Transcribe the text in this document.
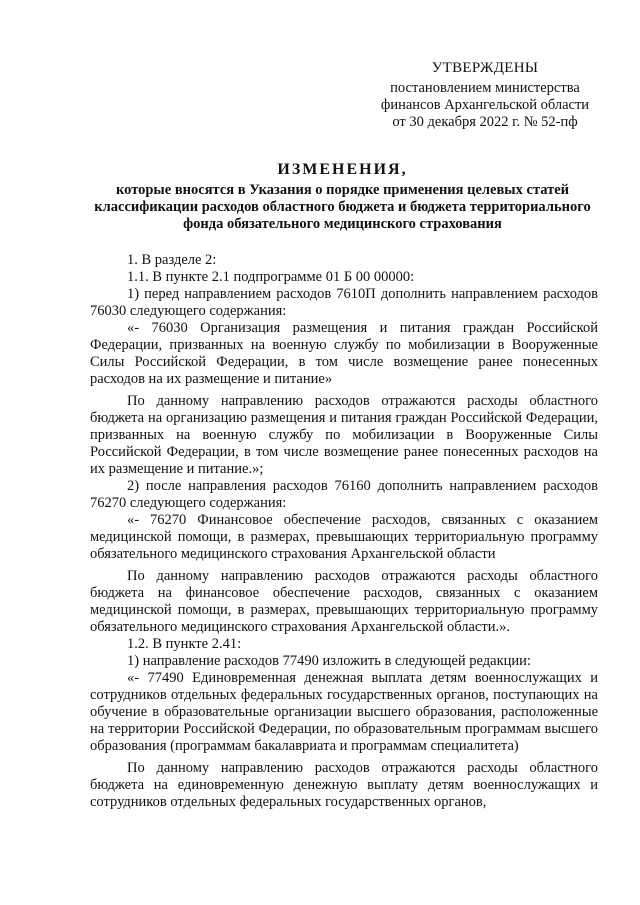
УТВЕРЖДЕНЫ
постановлением министерства
финансов Архангельской области
от 30 декабря 2022 г. № 52-пф
ИЗМЕНЕНИЯ,
которые вносятся в Указания о порядке применения целевых статей классификации расходов областного бюджета и бюджета территориального фонда обязательного медицинского страхования

1. В разделе 2:

1.1. В пункте 2.1 подпрограмме 01 Б 00 00000:

1) перед направлением расходов 7610П дополнить направлением расходов 76030 следующего содержания:

«- 76030 Организация размещения и питания граждан Российской Федерации, призванных на военную службу по мобилизации в Вооруженные Силы Российской Федерации, в том числе возмещение ранее понесенных расходов на их размещение и питание»

По данному направлению расходов отражаются расходы областного бюджета на организацию размещения и питания граждан Российской Федерации, призванных на военную службу по мобилизации в Вооруженные Силы Российской Федерации, в том числе возмещение ранее понесенных расходов на их размещение и питание.»;

2) после направления расходов 76160 дополнить направлением расходов 76270 следующего содержания:

«- 76270 Финансовое обеспечение расходов, связанных с оказанием медицинской помощи, в размерах, превышающих территориальную программу обязательного медицинского страхования Архангельской области

По данному направлению расходов отражаются расходы областного бюджета на финансовое обеспечение расходов, связанных с оказанием медицинской помощи, в размерах, превышающих территориальную программу обязательного медицинского страхования Архангельской области.».

1.2. В пункте 2.41:

1) направление расходов 77490 изложить в следующей редакции:

«- 77490 Единовременная денежная выплата детям военнослужащих и сотрудников отдельных федеральных государственных органов, поступающих на обучение в образовательные организации высшего образования, расположенные на территории Российской Федерации, по образовательным программам высшего образования (программам бакалавриата и программам специалитета)

По данному направлению расходов отражаются расходы областного бюджета на единовременную денежную выплату детям военнослужащих и сотрудников отдельных федеральных государственных органов,
